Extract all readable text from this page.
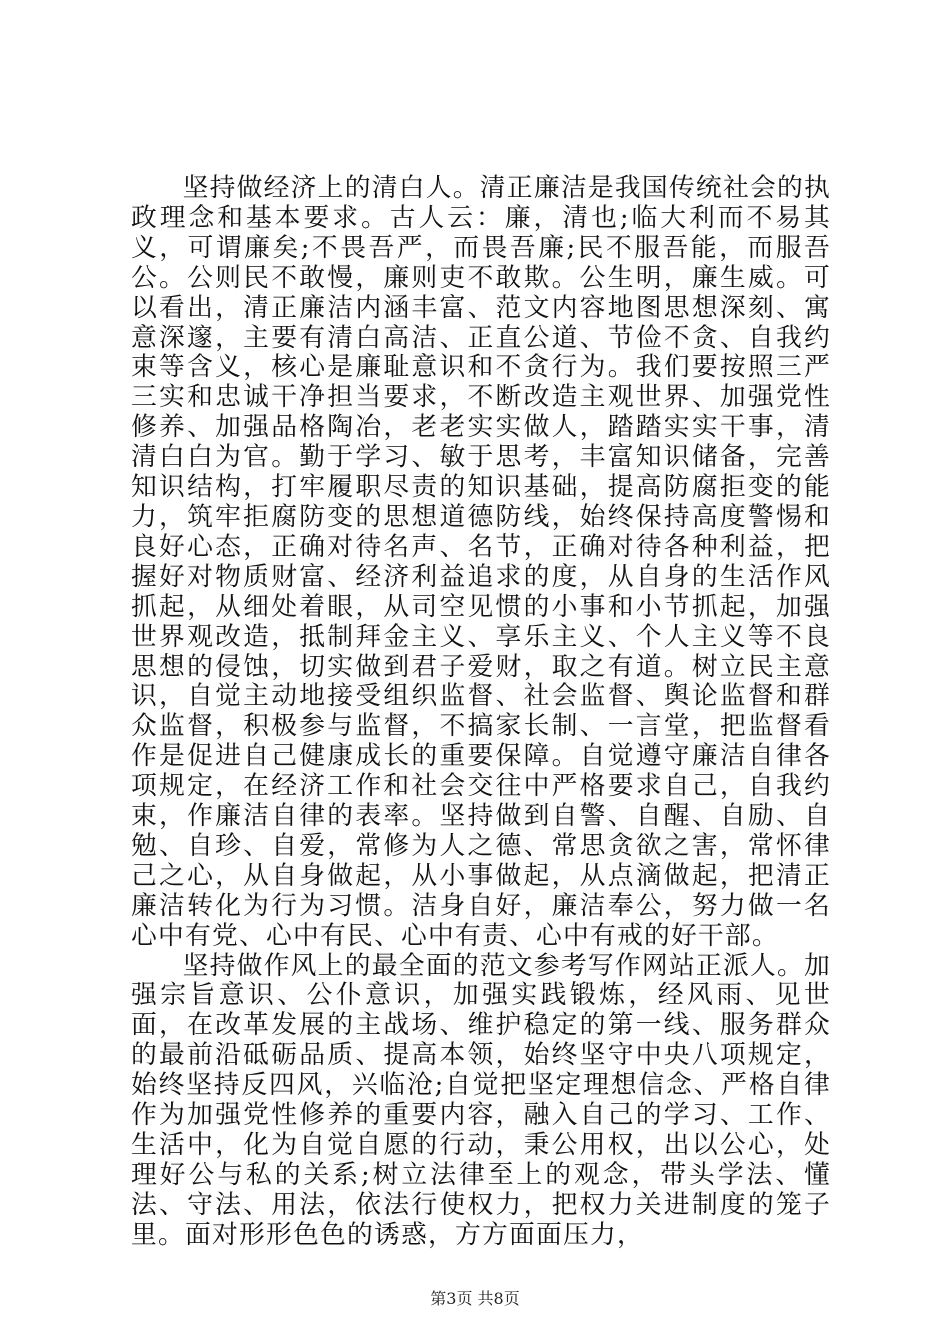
坚持做经济上的清白人。清正廉洁是我国传统社会的执政理念和基本要求。古人云：廉，清也;临大利而不易其义，可谓廉矣;不畏吾严，而畏吾廉;民不服吾能，而服吾公。公则民不敢慢，廉则吏不敢欺。公生明，廉生威。可以看出，清正廉洁内涵丰富、范文内容地图思想深刻、寓意深邃，主要有清白高洁、正直公道、节俭不贪、自我约束等含义，核心是廉耻意识和不贪行为。我们要按照三严三实和忠诚干净担当要求，不断改造主观世界、加强党性修养、加强品格陶冶，老老实实做人，踏踏实实干事，清清白白为官。勤于学习、敏于思考，丰富知识储备，完善知识结构，打牢履职尽责的知识基础，提高防腐拒变的能力，筑牢拒腐防变的思想道德防线，始终保持高度警惕和良好心态，正确对待名声、名节，正确对待各种利益，把握好对物质财富、经济利益追求的度，从自身的生活作风抓起，从细处着眼，从司空见惯的小事和小节抓起，加强世界观改造，抵制拜金主义、享乐主义、个人主义等不良思想的侵蚀，切实做到君子爱财，取之有道。树立民主意识，自觉主动地接受组织监督、社会监督、舆论监督和群众监督，积极参与监督，不搞家长制、一言堂，把监督看作是促进自己健康成长的重要保障。自觉遵守廉洁自律各项规定，在经济工作和社会交往中严格要求自己，自我约束，作廉洁自律的表率。坚持做到自警、自醒、自励、自勉、自珍、自爱，常修为人之德、常思贪欲之害，常怀律己之心，从自身做起，从小事做起，从点滴做起，把清正廉洁转化为行为习惯。洁身自好，廉洁奉公，努力做一名心中有党、心中有民、心中有责、心中有戒的好干部。

坚持做作风上的最全面的范文参考写作网站正派人。加强宗旨意识、公仆意识，加强实践锻炼，经风雨、见世面，在改革发展的主战场、维护稳定的第一线、服务群众的最前沿砥砺品质、提高本领，始终坚守中央八项规定，始终坚持反四风，兴临沧;自觉把坚定理想信念、严格自律作为加强党性修养的重要内容，融入自己的学习、工作、生活中，化为自觉自愿的行动，秉公用权，出以公心，处理好公与私的关系;树立法律至上的观念，带头学法、懂法、守法、用法，依法行使权力，把权力关进制度的笼子里。面对形形色色的诱惑，方方面面压力，

第3页 共8页
